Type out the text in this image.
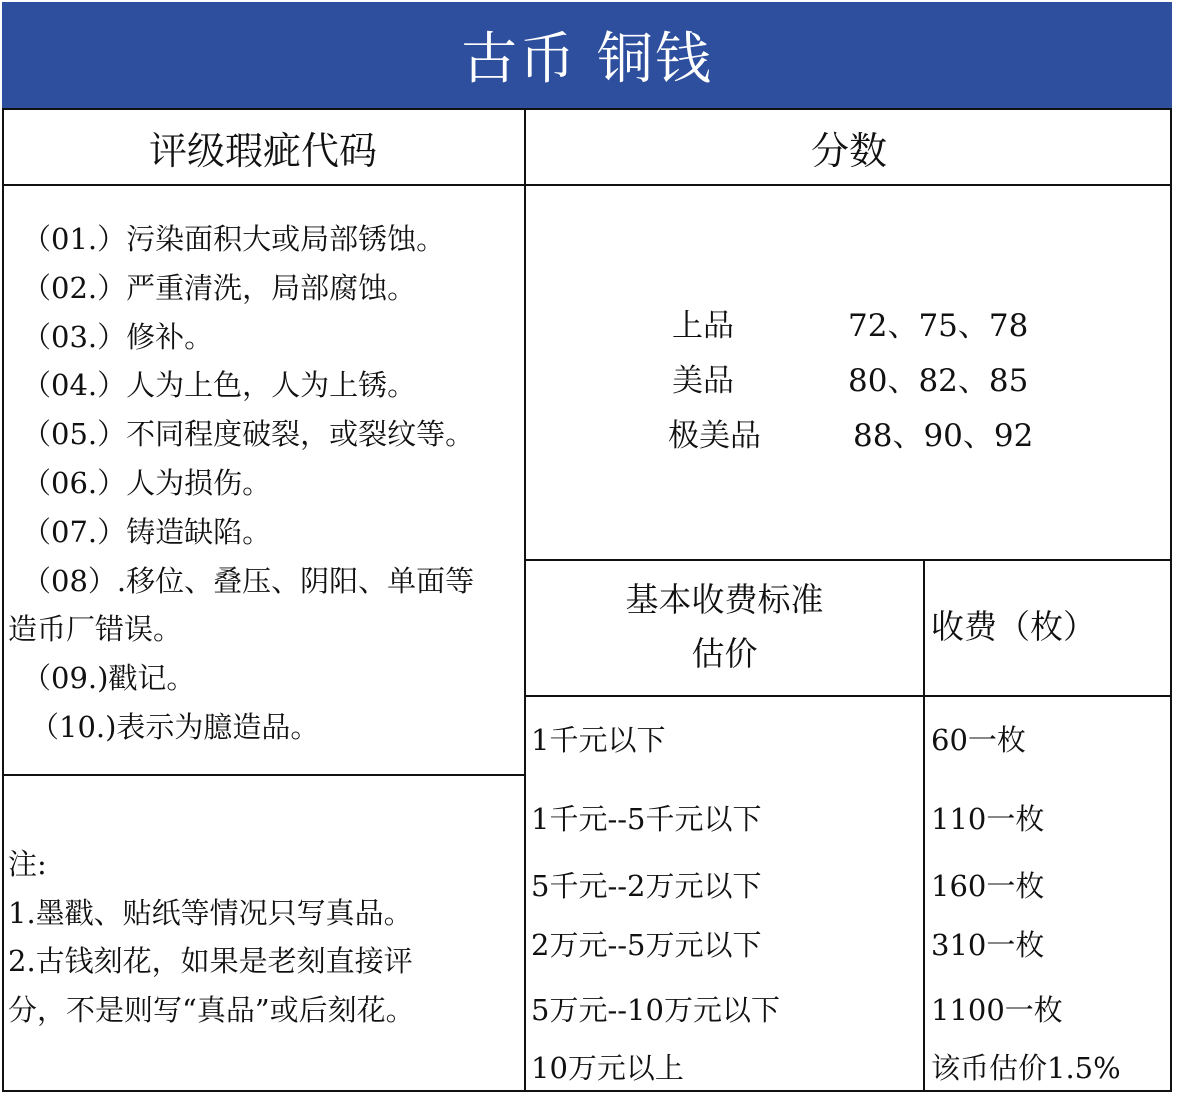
古币 铜钱
评级瑕疵代码	分数
（01.）污染面积大或局部锈蚀。
（02.）严重清洗，局部腐蚀。
（03.）修补。
（04.）人为上色，人为上锈。
（05.）不同程度破裂，或裂纹等。
（06.）人为损伤。
（07.）铸造缺陷。
（08）.移位、叠压、阴阳、单面等
造币厂错误。
（09.)戳记。
（10.)表示为臆造品。
注:
1.墨戳、贴纸等情况只写真品。
2.古钱刻花，如果是老刻直接评
分，不是则写“真品”或后刻花。
上品	72、75、78
美品	80、82、85
极美品	88、90、92
基本收费标准
估价
收费（枚）
1千元以下	60一枚
1千元--5千元以下	110一枚
5千元--2万元以下	160一枚
2万元--5万元以下	310一枚
5万元--10万元以下	1100一枚
10万元以上	该币估价1.5%
